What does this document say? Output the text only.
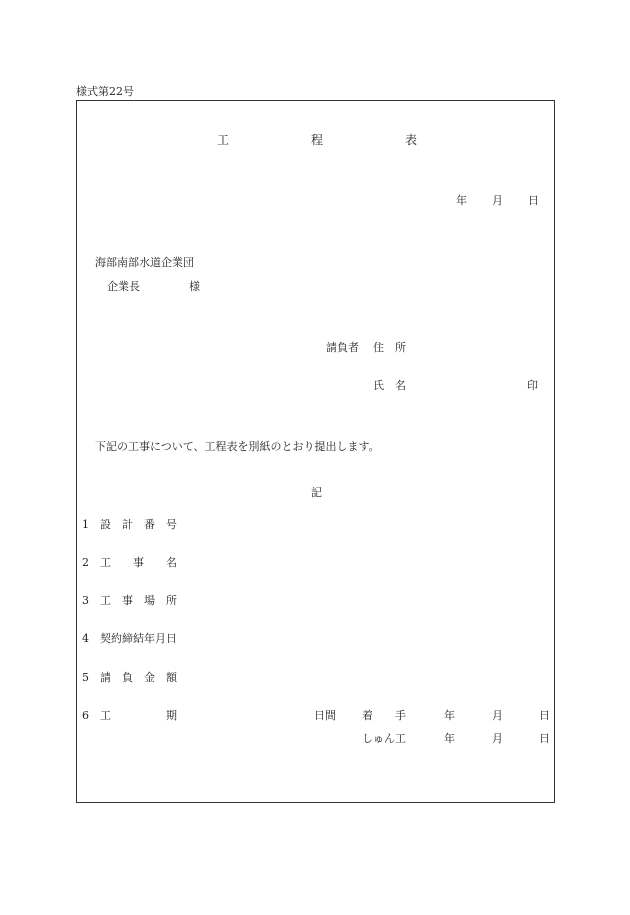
様式第22号
工	程	表
年 月 日
海部南部水道企業団
企業長	様
請負者 住　所
氏　名	印
下記の工事について、工程表を別紙のとおり提出します。
記
1 設　計　番　号
2 工　　事　　名
3 工　事　場　所
4 契約締結年月日
5 請　負　金　額
6 工　　　　　期	日間 着　　手	年	月	日
しゅん工	年	月	日
